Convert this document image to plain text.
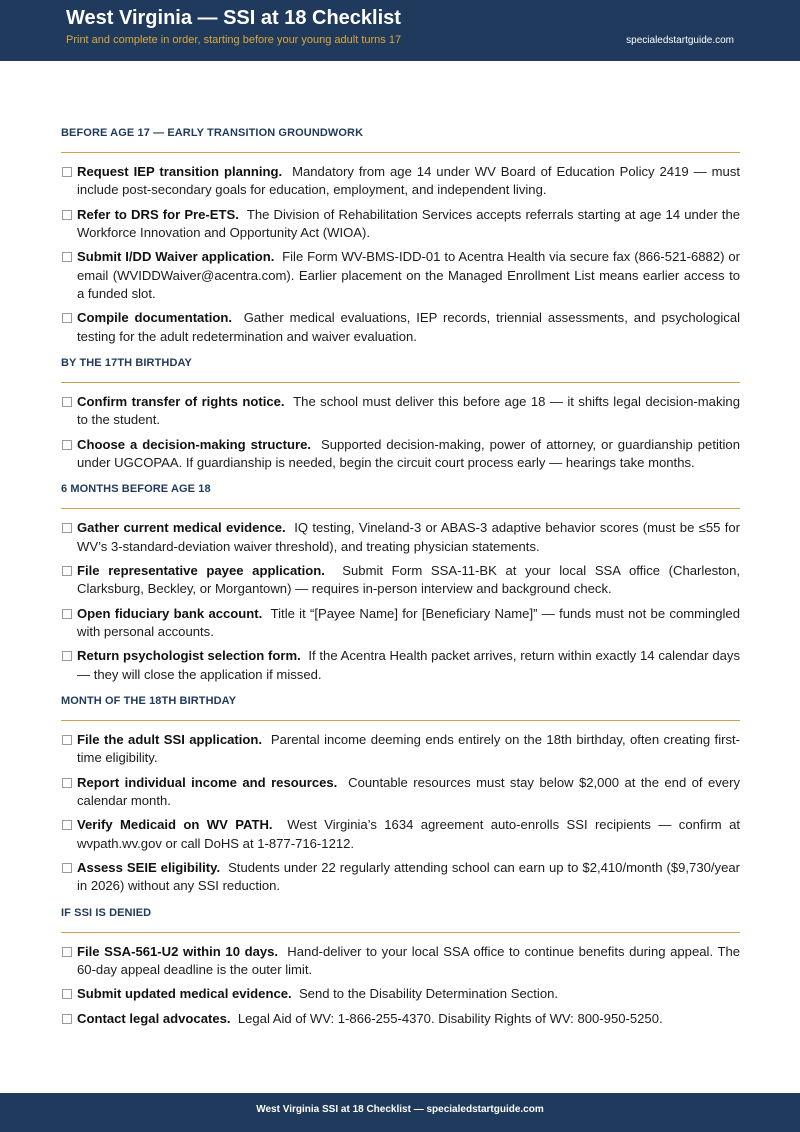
West Virginia — SSI at 18 Checklist
Print and complete in order, starting before your young adult turns 17	specialedstartguide.com
BEFORE AGE 17 — EARLY TRANSITION GROUNDWORK
Request IEP transition planning. Mandatory from age 14 under WV Board of Education Policy 2419 — must include post-secondary goals for education, employment, and independent living.
Refer to DRS for Pre-ETS. The Division of Rehabilitation Services accepts referrals starting at age 14 under the Workforce Innovation and Opportunity Act (WIOA).
Submit I/DD Waiver application. File Form WV-BMS-IDD-01 to Acentra Health via secure fax (866-521-6882) or email (WVIDDWaiver@acentra.com). Earlier placement on the Managed Enrollment List means earlier access to a funded slot.
Compile documentation. Gather medical evaluations, IEP records, triennial assessments, and psychological testing for the adult redetermination and waiver evaluation.
BY THE 17TH BIRTHDAY
Confirm transfer of rights notice. The school must deliver this before age 18 — it shifts legal decision-making to the student.
Choose a decision-making structure. Supported decision-making, power of attorney, or guardianship petition under UGCOPAA. If guardianship is needed, begin the circuit court process early — hearings take months.
6 MONTHS BEFORE AGE 18
Gather current medical evidence. IQ testing, Vineland-3 or ABAS-3 adaptive behavior scores (must be ≤55 for WV’s 3-standard-deviation waiver threshold), and treating physician statements.
File representative payee application. Submit Form SSA-11-BK at your local SSA office (Charleston, Clarksburg, Beckley, or Morgantown) — requires in-person interview and background check.
Open fiduciary bank account. Title it “[Payee Name] for [Beneficiary Name]” — funds must not be commingled with personal accounts.
Return psychologist selection form. If the Acentra Health packet arrives, return within exactly 14 calendar days — they will close the application if missed.
MONTH OF THE 18TH BIRTHDAY
File the adult SSI application. Parental income deeming ends entirely on the 18th birthday, often creating first-time eligibility.
Report individual income and resources. Countable resources must stay below $2,000 at the end of every calendar month.
Verify Medicaid on WV PATH. West Virginia’s 1634 agreement auto-enrolls SSI recipients — confirm at wvpath.wv.gov or call DoHS at 1-877-716-1212.
Assess SEIE eligibility. Students under 22 regularly attending school can earn up to $2,410/month ($9,730/year in 2026) without any SSI reduction.
IF SSI IS DENIED
File SSA-561-U2 within 10 days. Hand-deliver to your local SSA office to continue benefits during appeal. The 60-day appeal deadline is the outer limit.
Submit updated medical evidence. Send to the Disability Determination Section.
Contact legal advocates. Legal Aid of WV: 1-866-255-4370. Disability Rights of WV: 800-950-5250.
West Virginia SSI at 18 Checklist — specialedstartguide.com
